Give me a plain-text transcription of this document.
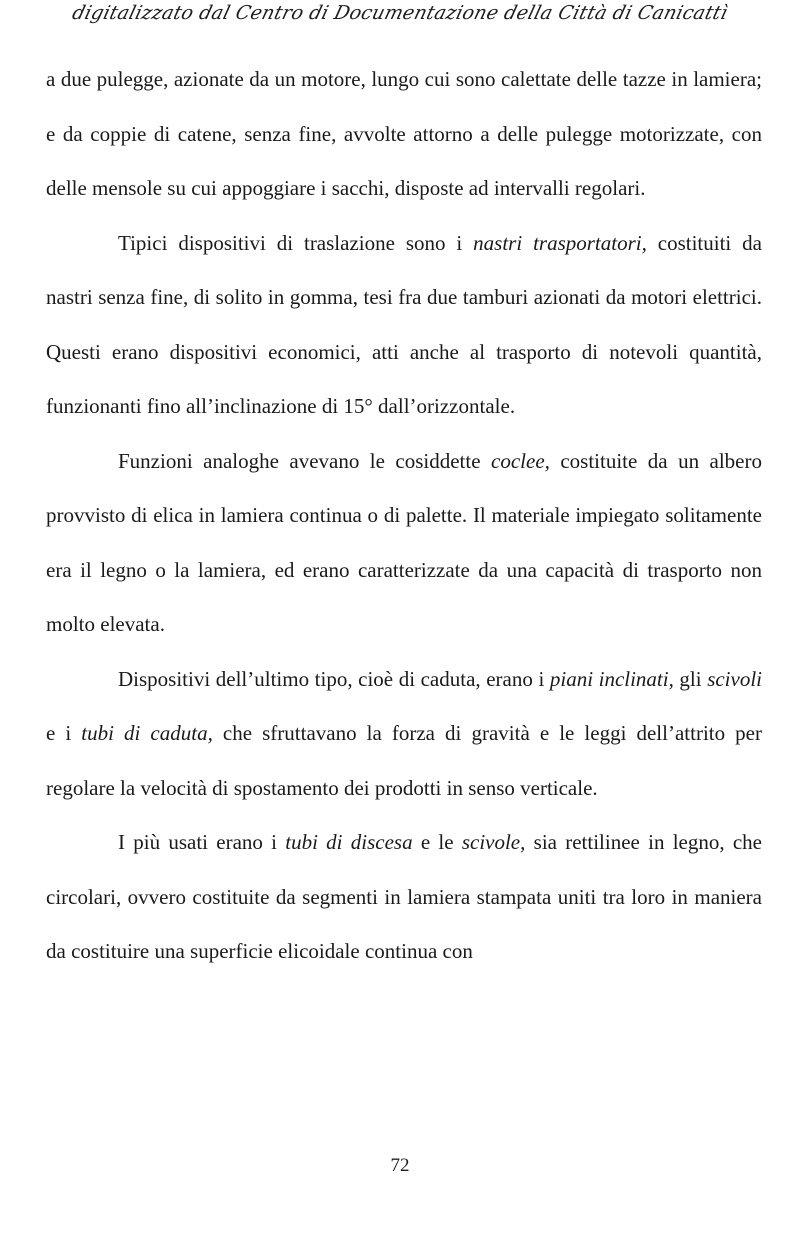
digitalizzato dal Centro di Documentazione della Città di Canicattì

a due pulegge, azionate da un motore, lungo cui sono calettate delle tazze in lamiera; e da coppie di catene, senza fine, avvolte attorno a delle pulegge motorizzate, con delle mensole su cui appoggiare i sacchi, disposte ad intervalli regolari.

Tipici dispositivi di traslazione sono i nastri trasportatori, costituiti da nastri senza fine, di solito in gomma, tesi fra due tamburi azionati da motori elettrici. Questi erano dispositivi economici, atti anche al trasporto di notevoli quantità, funzionanti fino all’inclinazione di 15° dall’orizzontale.

Funzioni analoghe avevano le cosiddette coclee, costituite da un albero provvisto di elica in lamiera continua o di palette. Il materiale impiegato solitamente era il legno o la lamiera, ed erano caratterizzate da una capacità di trasporto non molto elevata.

Dispositivi dell’ultimo tipo, cioè di caduta, erano i piani inclinati, gli scivoli e i tubi di caduta, che sfruttavano la forza di gravità e le leggi dell’attrito per regolare la velocità di spostamento dei prodotti in senso verticale.

I più usati erano i tubi di discesa e le scivole, sia rettilinee in legno, che circolari, ovvero costituite da segmenti in lamiera stampata uniti tra loro in maniera da costituire una superficie elicoidale continua con

72
